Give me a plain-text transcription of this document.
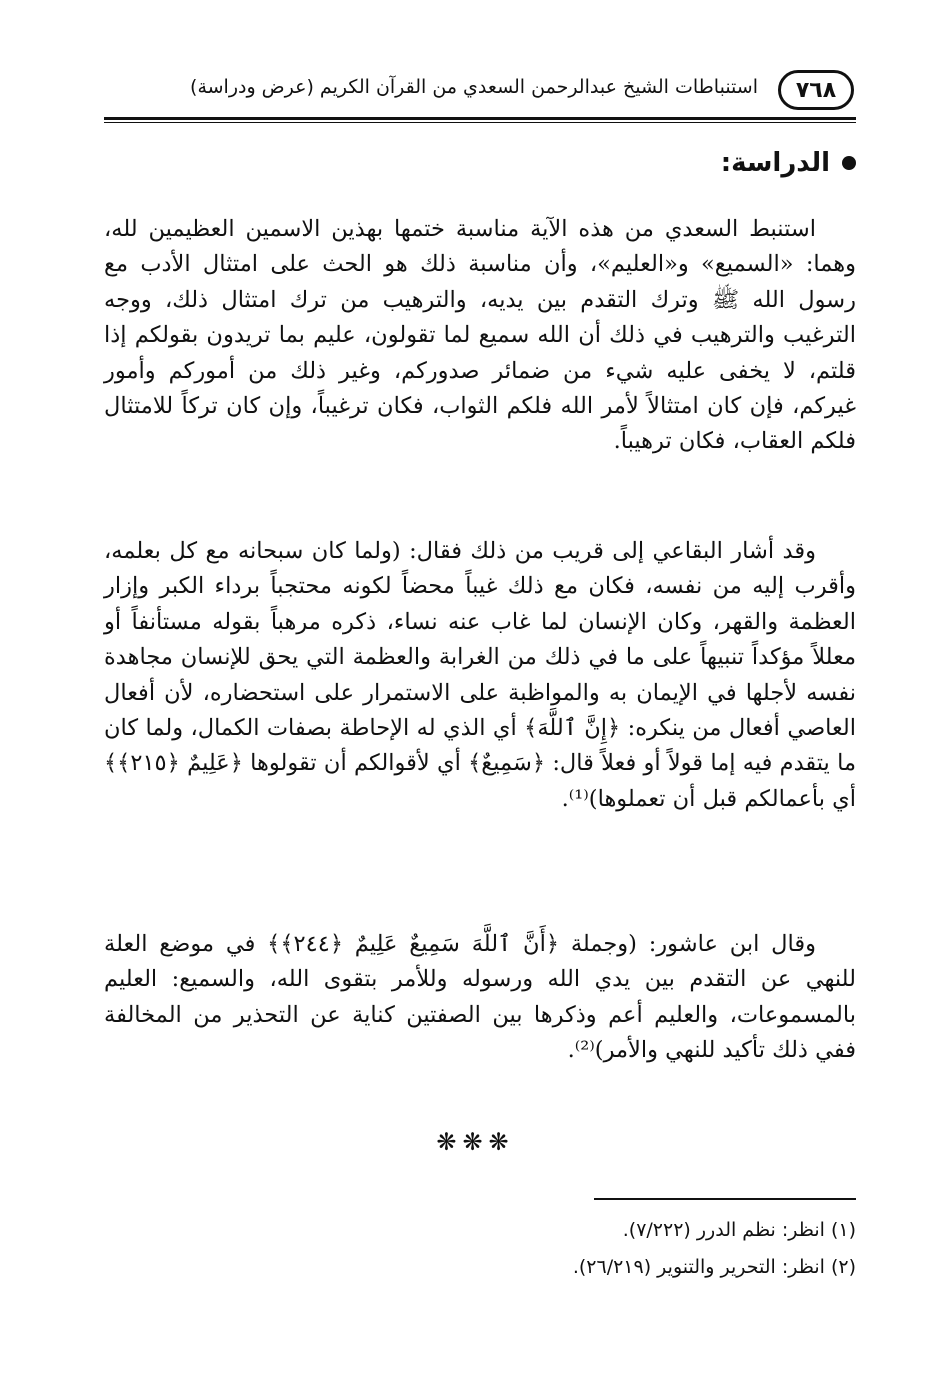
٧٦٨
استنباطات الشيخ عبدالرحمن السعدي من القرآن الكريم (عرض ودراسة)
الدراسة:

استنبط السعدي من هذه الآية مناسبة ختمها بهذين الاسمين العظيمين لله، وهما: «السميع» و«العليم»، وأن مناسبة ذلك هو الحث على امتثال الأدب مع رسول الله ﷺ وترك التقدم بين يديه، والترهيب من ترك امتثال ذلك، ووجه الترغيب والترهيب في ذلك أن الله سميع لما تقولون، عليم بما تريدون بقولكم إذا قلتم، لا يخفى عليه شيء من ضمائر صدوركم، وغير ذلك من أموركم وأمور غيركم، فإن كان امتثالاً لأمر الله فلكم الثواب، فكان ترغيباً، وإن كان تركاً للامتثال فلكم العقاب، فكان ترهيباً.

وقد أشار البقاعي إلى قريب من ذلك فقال: (ولما كان سبحانه مع كل بعلمه، وأقرب إليه من نفسه، فكان مع ذلك غيباً محضاً لكونه محتجباً برداء الكبر وإزار العظمة والقهر، وكان الإنسان لما غاب عنه نساء، ذكره مرهباً بقوله مستأنفاً أو معللاً مؤكداً تنبيهاً على ما في ذلك من الغرابة والعظمة التي يحق للإنسان مجاهدة نفسه لأجلها في الإيمان به والمواظبة على الاستمرار على استحضاره، لأن أفعال العاصي أفعال من ينكره: ﴿إِنَّ ٱللَّهَ﴾ أي الذي له الإحاطة بصفات الكمال، ولما كان ما يتقدم فيه إما قولاً أو فعلاً قال: ﴿سَمِيعٌ﴾ أي لأقوالكم أن تقولوها ﴿عَلِيمٌ ﴿٢١٥﴾﴾ أي بأعمالكم قبل أن تعملوها)⁽¹⁾.

وقال ابن عاشور: (وجملة ﴿أَنَّ ٱللَّهَ سَمِيعٌ عَلِيمٌ ﴿٢٤٤﴾﴾ في موضع العلة للنهي عن التقدم بين يدي الله ورسوله وللأمر بتقوى الله، والسميع: العليم بالمسموعات، والعليم أعم وذكرها بين الصفتين كناية عن التحذير من المخالفة ففي ذلك تأكيد للنهي والأمر)⁽²⁾.

❋❋❋
(١) انظر: نظم الدرر (٧/٢٢٢).
(٢) انظر: التحرير والتنوير (٢٦/٢١٩).
